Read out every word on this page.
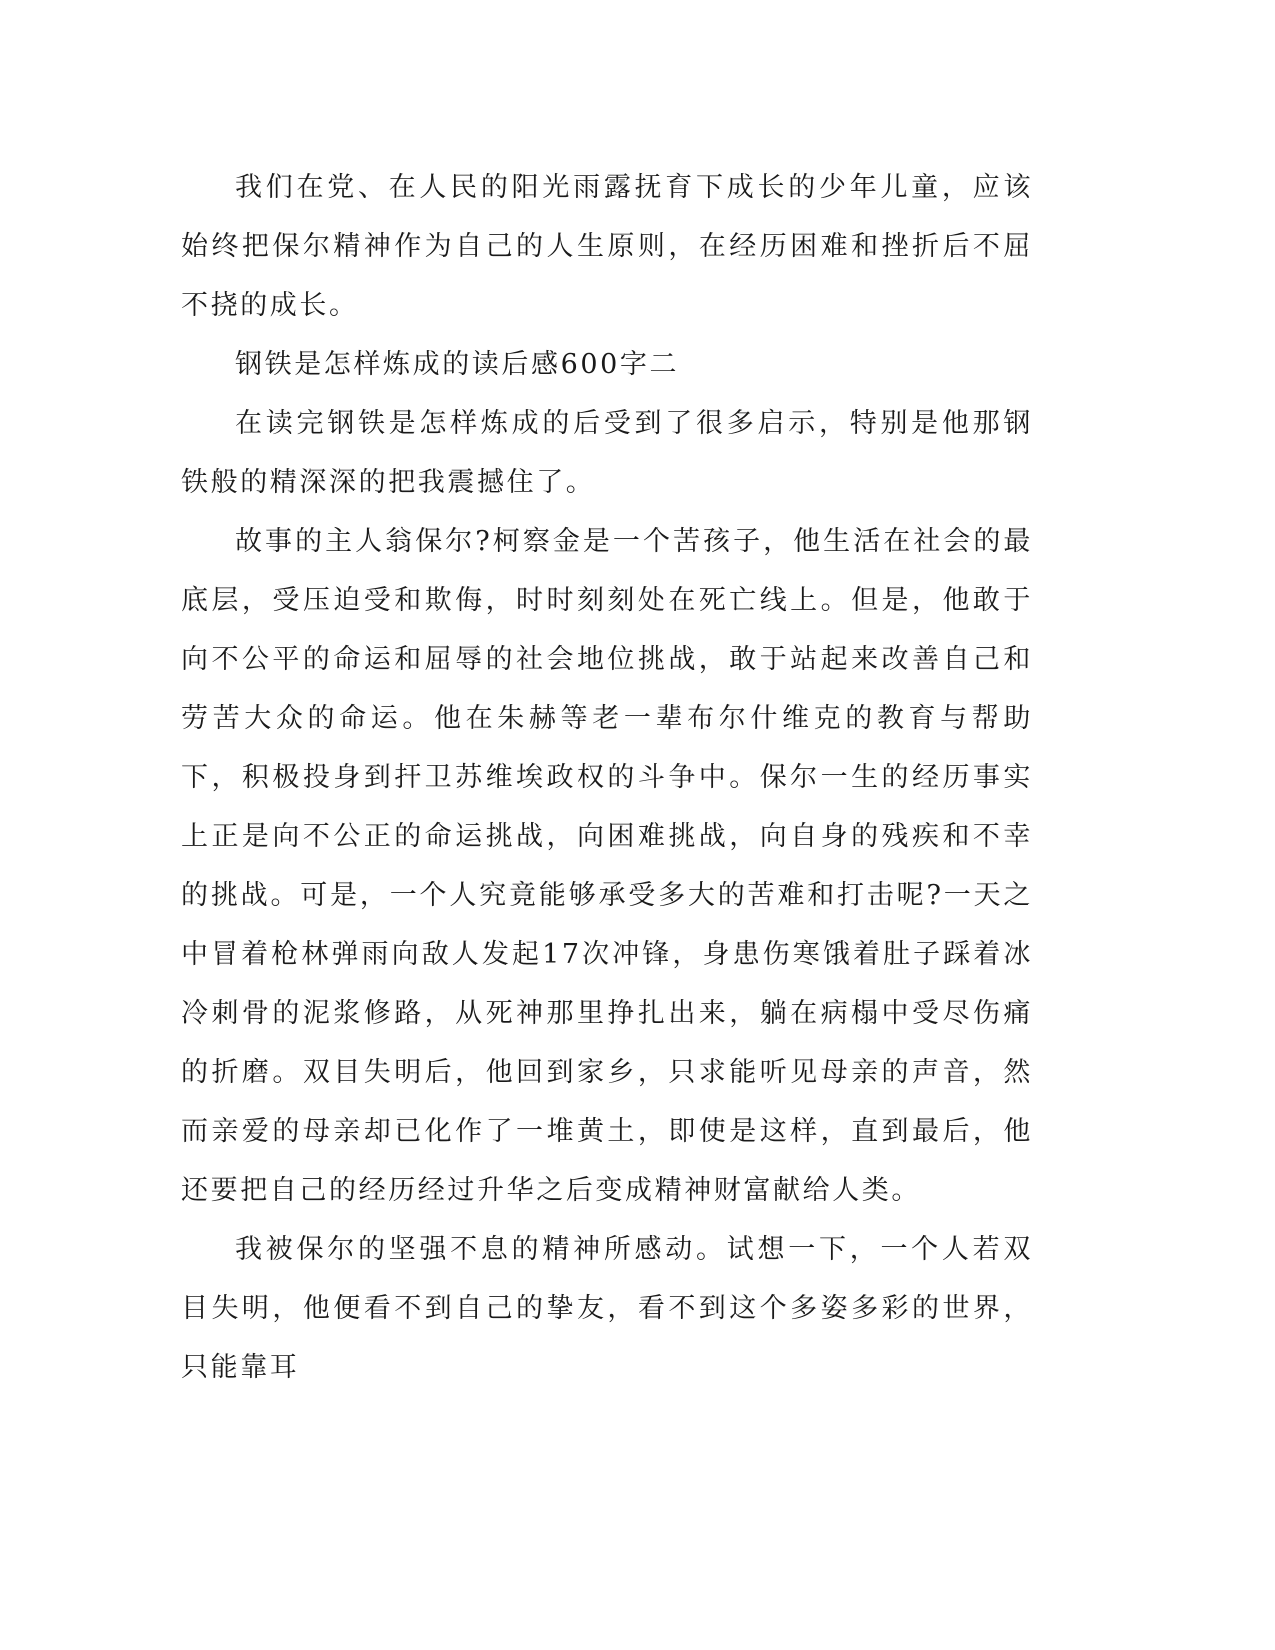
我们在党、在人民的阳光雨露抚育下成长的少年儿童，应该始终把保尔精神作为自己的人生原则，在经历困难和挫折后不屈不挠的成长。

钢铁是怎样炼成的读后感600字二

在读完钢铁是怎样炼成的后受到了很多启示，特别是他那钢铁般的精深深的把我震撼住了。

故事的主人翁保尔?柯察金是一个苦孩子，他生活在社会的最底层，受压迫受和欺侮，时时刻刻处在死亡线上。但是，他敢于向不公平的命运和屈辱的社会地位挑战，敢于站起来改善自己和劳苦大众的命运。他在朱赫等老一辈布尔什维克的教育与帮助下，积极投身到扞卫苏维埃政权的斗争中。保尔一生的经历事实上正是向不公正的命运挑战，向困难挑战，向自身的残疾和不幸的挑战。可是，一个人究竟能够承受多大的苦难和打击呢?一天之中冒着枪林弹雨向敌人发起17次冲锋，身患伤寒饿着肚子踩着冰冷刺骨的泥浆修路，从死神那里挣扎出来，躺在病榻中受尽伤痛的折磨。双目失明后，他回到家乡，只求能听见母亲的声音，然而亲爱的母亲却已化作了一堆黄土，即使是这样，直到最后，他还要把自己的经历经过升华之后变成精神财富献给人类。

我被保尔的坚强不息的精神所感动。试想一下，一个人若双目失明，他便看不到自己的挚友，看不到这个多姿多彩的世界，只能靠耳
